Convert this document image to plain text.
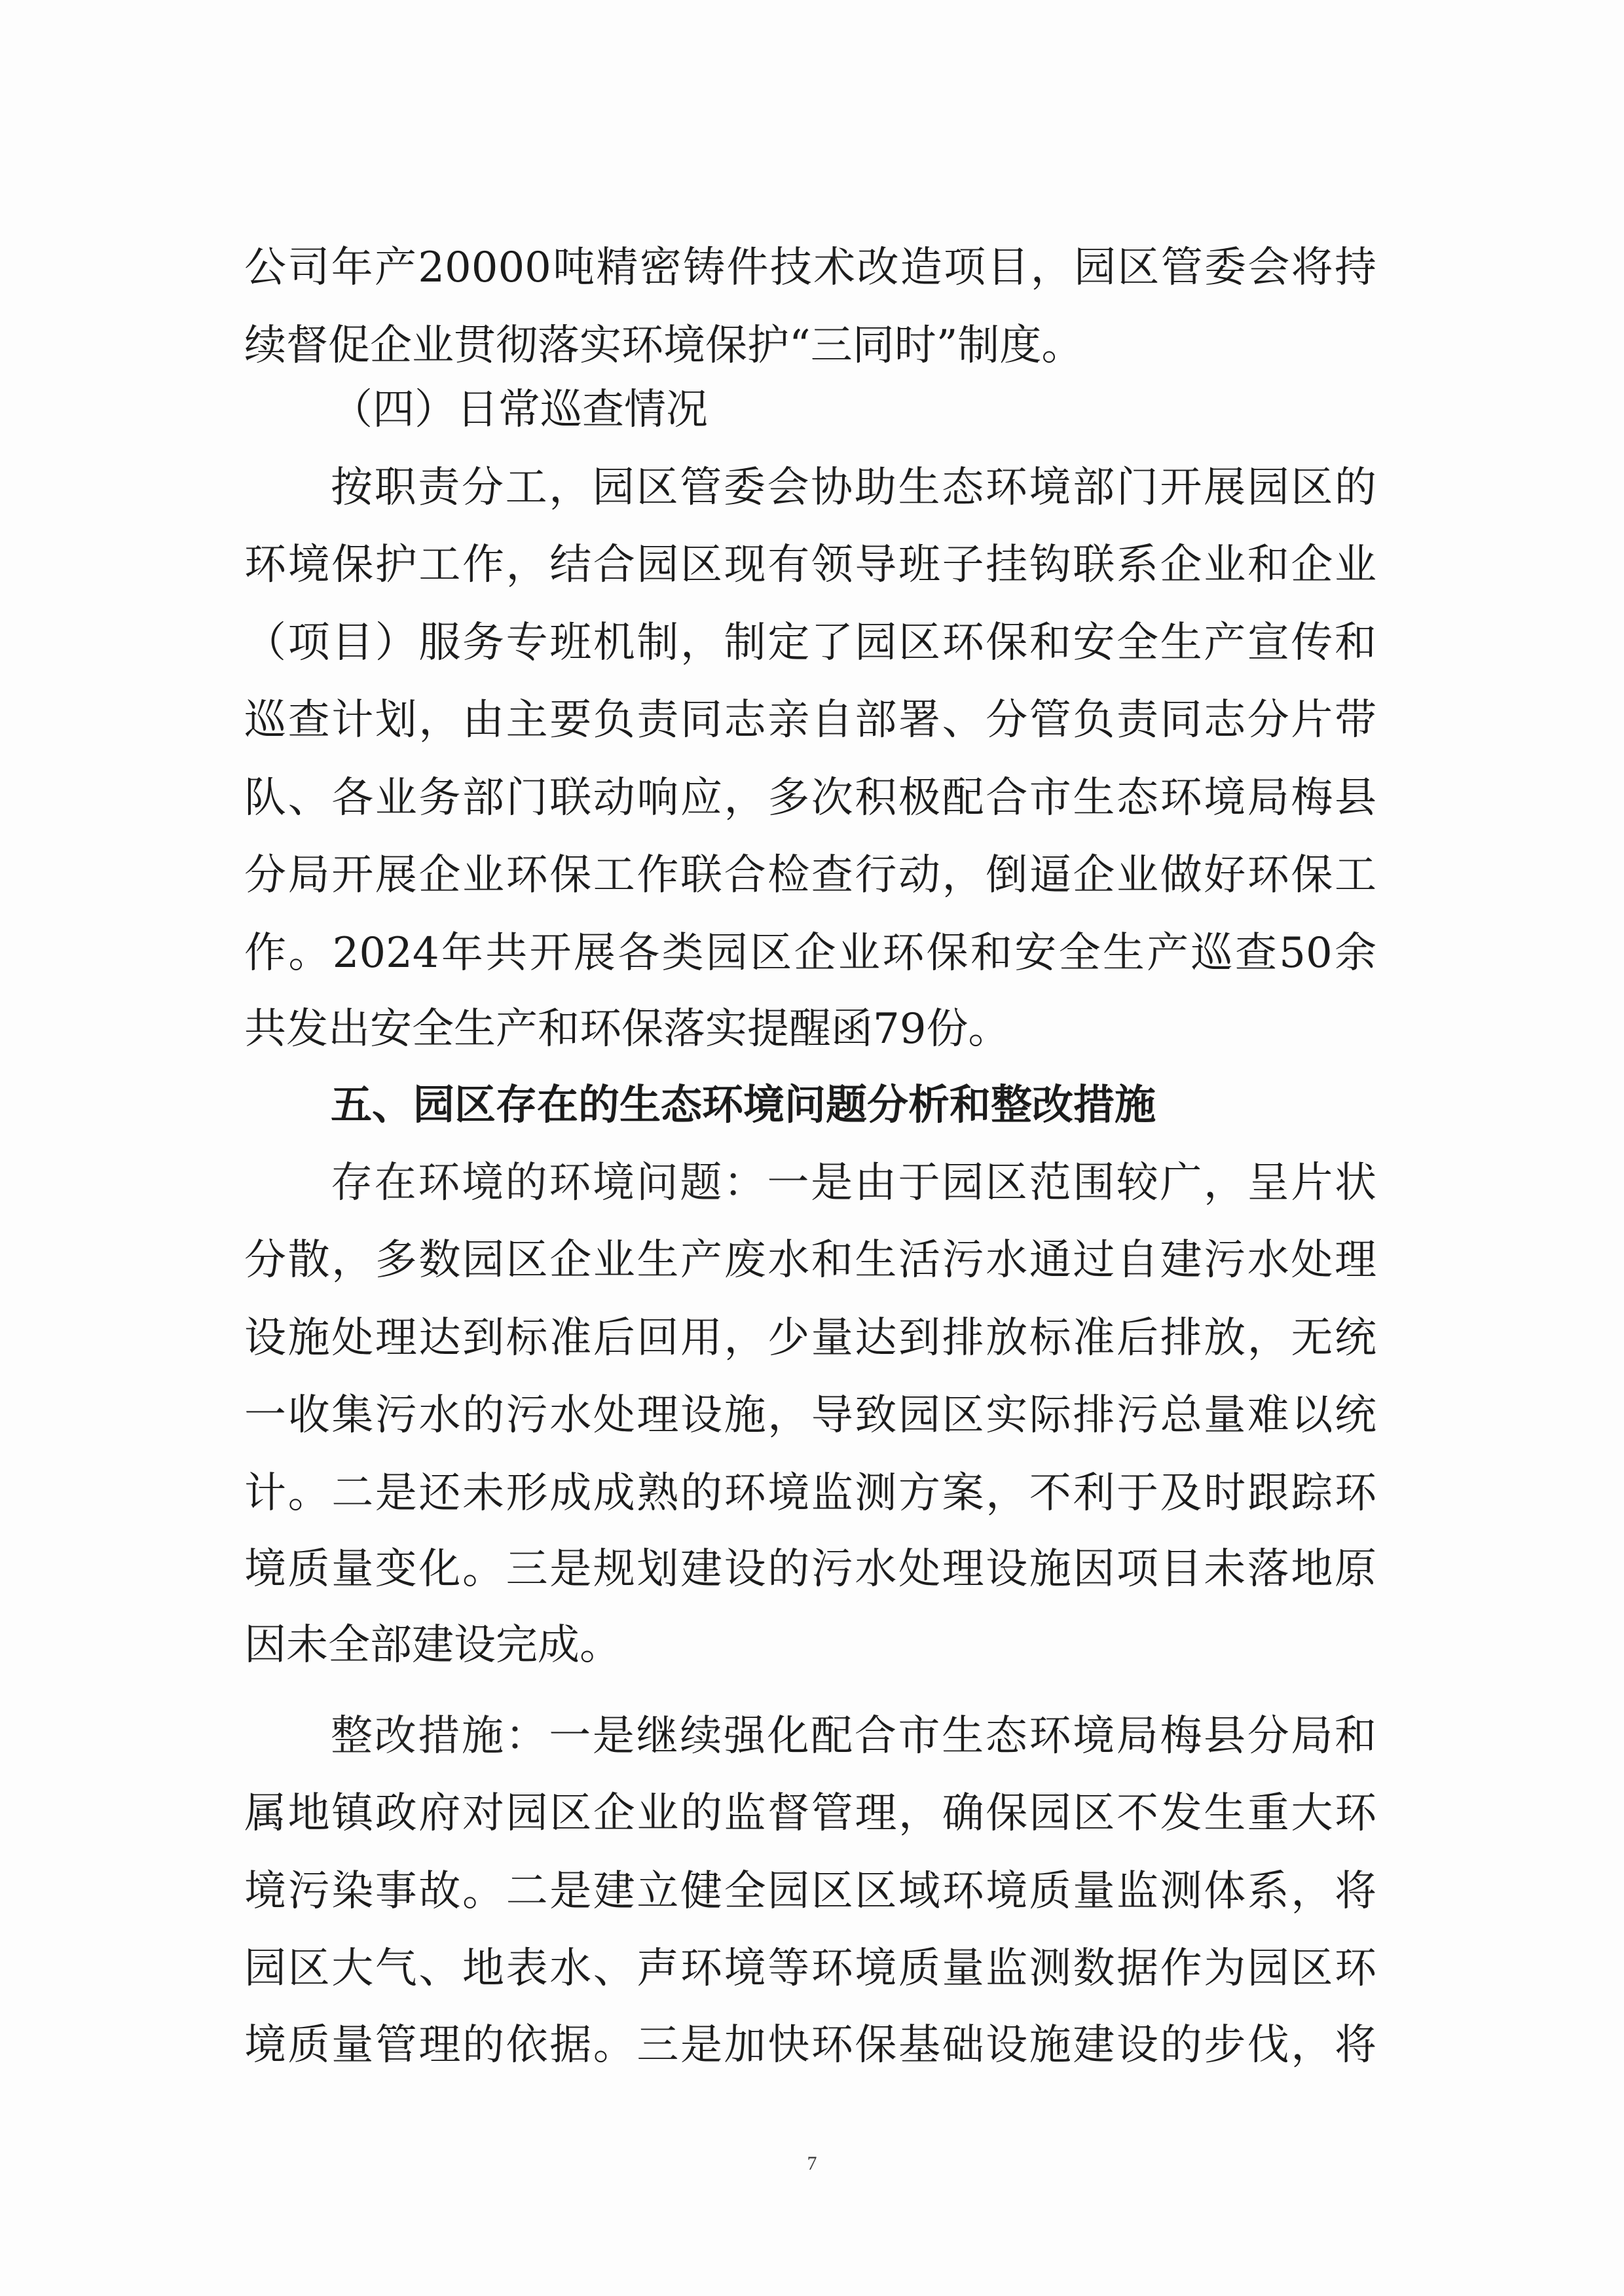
公司年产20000吨精密铸件技术改造项目，园区管委会将持
续督促企业贯彻落实环境保护“三同时”制度。
（四）日常巡查情况
按职责分工，园区管委会协助生态环境部门开展园区的
环境保护工作，结合园区现有领导班子挂钩联系企业和企业
（项目）服务专班机制，制定了园区环保和安全生产宣传和
巡查计划，由主要负责同志亲自部署、分管负责同志分片带
队、各业务部门联动响应，多次积极配合市生态环境局梅县
分局开展企业环保工作联合检查行动，倒逼企业做好环保工
作。2024年共开展各类园区企业环保和安全生产巡查50余
共发出安全生产和环保落实提醒函79份。
五、园区存在的生态环境问题分析和整改措施
存在环境的环境问题：一是由于园区范围较广，呈片状
分散，多数园区企业生产废水和生活污水通过自建污水处理
设施处理达到标准后回用，少量达到排放标准后排放，无统
一收集污水的污水处理设施，导致园区实际排污总量难以统
计。二是还未形成成熟的环境监测方案，不利于及时跟踪环
境质量变化。三是规划建设的污水处理设施因项目未落地原
因未全部建设完成。
整改措施：一是继续强化配合市生态环境局梅县分局和
属地镇政府对园区企业的监督管理，确保园区不发生重大环
境污染事故。二是建立健全园区区域环境质量监测体系，将
园区大气、地表水、声环境等环境质量监测数据作为园区环
境质量管理的依据。三是加快环保基础设施建设的步伐，将
7
